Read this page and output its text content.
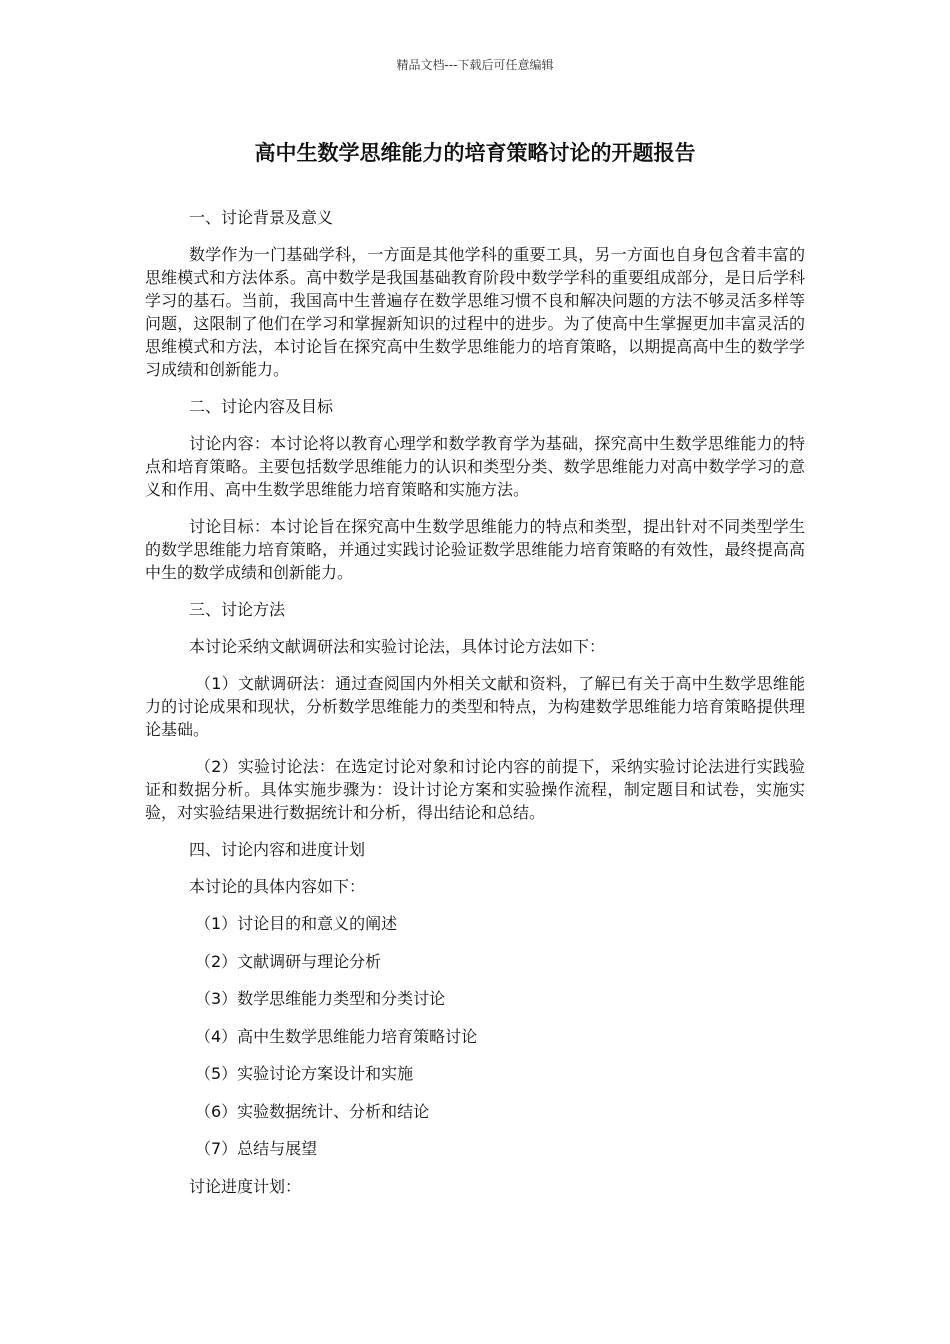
精品文档---下载后可任意编辑
高中生数学思维能力的培育策略讨论的开题报告

一、讨论背景及意义

数学作为一门基础学科，一方面是其他学科的重要工具，另一方面也自身包含着丰富的思维模式和方法体系。高中数学是我国基础教育阶段中数学学科的重要组成部分，是日后学科学习的基石。当前，我国高中生普遍存在数学思维习惯不良和解决问题的方法不够灵活多样等问题，这限制了他们在学习和掌握新知识的过程中的进步。为了使高中生掌握更加丰富灵活的思维模式和方法，本讨论旨在探究高中生数学思维能力的培育策略，以期提高高中生的数学学习成绩和创新能力。

二、讨论内容及目标

讨论内容：本讨论将以教育心理学和数学教育学为基础，探究高中生数学思维能力的特点和培育策略。主要包括数学思维能力的认识和类型分类、数学思维能力对高中数学学习的意义和作用、高中生数学思维能力培育策略和实施方法。

讨论目标：本讨论旨在探究高中生数学思维能力的特点和类型，提出针对不同类型学生的数学思维能力培育策略，并通过实践讨论验证数学思维能力培育策略的有效性，最终提高高中生的数学成绩和创新能力。

三、讨论方法

本讨论采纳文献调研法和实验讨论法，具体讨论方法如下：

（1）文献调研法：通过查阅国内外相关文献和资料，了解已有关于高中生数学思维能力的讨论成果和现状，分析数学思维能力的类型和特点，为构建数学思维能力培育策略提供理论基础。

（2）实验讨论法：在选定讨论对象和讨论内容的前提下，采纳实验讨论法进行实践验证和数据分析。具体实施步骤为：设计讨论方案和实验操作流程，制定题目和试卷，实施实验，对实验结果进行数据统计和分析，得出结论和总结。

四、讨论内容和进度计划

本讨论的具体内容如下：

（1）讨论目的和意义的阐述

（2）文献调研与理论分析

（3）数学思维能力类型和分类讨论

（4）高中生数学思维能力培育策略讨论

（5）实验讨论方案设计和实施

（6）实验数据统计、分析和结论

（7）总结与展望

讨论进度计划：
